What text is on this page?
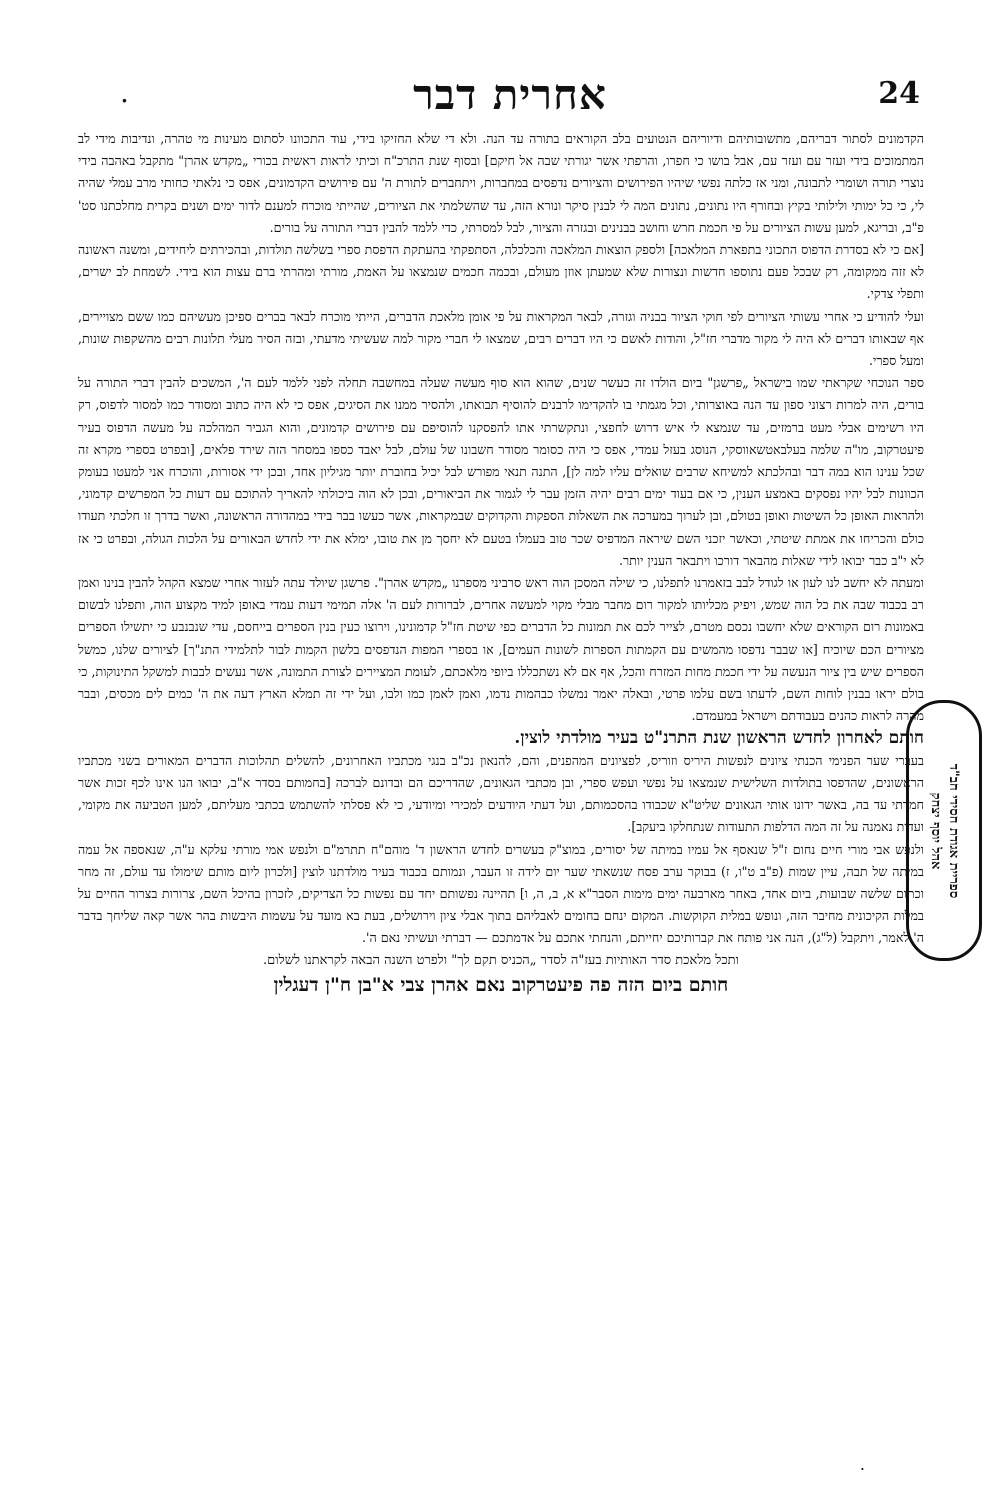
.	אחרית דבר	24

הקדמונים לסתור דבריהם, מתשובותיהם ודיוריהם הנטועים בלב הקוראים בתורה עד הנה. ולא די שלא החזיקו בידי, עוד התכוונו לסתום מעינות מי טהרה, ונדיבות מידי לב המתמוכים בידי ועזר עם ועזר עם, אבל בושו כי חפרו, והרפתי אשר יגורתי שבה אל חיקם] ובסוף שנת התרכ"ח וכיתי לראות ראשית בכורי „מקדש אהרן" מתקבל באהבה בידי נוצרי תורה ושומרי לתבונה, ומני אז כלתה נפשי שיהיו הפירושים והציורים נדפסים במחברות, ויתחברים לתורת ה' עם פירושים הקדמונים, אפס כי נלאתי כחותי מרב עמלי שהיה לי, כי כל ימותי ולילותי בקיץ ובחורף היו נתונים, נתונים המה לי לבנין סיקר ונורא הזה, עד שהשלמתי את הציורים, שהייתי מוכרח למענם לדור ימים ושנים בקרית מחלכתנו סט' פ"ב, ובריגא, למען עשות הציורים על פי חכמת חרש וחושב בבנינים ובגזרה והציור, לבל למסרתי, כדי ללמד להבין דברי התורה על בורים.

[אם כי לא בסדרת הדפוס התכוני בתפארת המלאכה] ולספק הוצאות המלאכה והכלכלה, הסתפקתי בהעתקת הדפסת ספרי בשלשה תולדות, ובהכירתים ליחידים, ומשנה ראשונה לא זזה ממקומה, רק שבכל פעם נתוספו חדשות ונצורות שלא שמעתן אוזן מעולם, ובכמה חכמים שנמצאו על האמת, מורתי ומהרתי ברם עצות הוא בידי. לשמחת לב ישרים, ותפלי צדקי.

ועלי להודיע כי אחרי עשותי הציורים לפי חוקי הציור בבניה וגזרה, לבאר המקראות על פי אומן מלאכת הדברים, הייתי מוכרח לבאר בברים ספיכן מעשיהם כמו ששם מצויירים, אף שבאותו דברים לא היה לי מקור מדברי חז"ל, והודות לאשם כי היו דברים רבים, שמצאו לי חברי מקור למה שעשיתי מדעתי, ובזה הסיר מעלי תלונות רבים מהשקפות שונות, ומעל ספרי.

ספר הנוכחי שקראתי שמו בישראל „פרשגן" ביום הולדו זה כעשר שנים, שהוא הוא סוף מעשה שעלה במחשבה תחלה לפני ללמד לעם ה', המשכים להבין דברי התורה על בורים, היה למרות רצוני ספון עד הנה באוצרותי, וכל מגמתי בו להקדימו לרבנים להוסיף תבואתו, ולהסיר ממנו את הסיגים, אפס כי לא היה כתוב ומסודר כמו למסור לדפוס, רק היו רשימים אבלי מעט ברמזים, עד שנמצא לי איש דרוש לחפצי, ונתקשרתי אתו להפסקנו להוסיפם עם פירושים קדמונים, והוא הגביר המהלכה על מעשה הדפוס בעיר פיעטרקוב, מו"ה שלמה בעלבאטשאווסקי, הנוסג בעזל עמדי, אפס כי היה כסומר מסודר חשבונו של עולם, לבל יאבד כספו במסחר הזה שירד פלאים, [ובפרט בספרי מקרא זה שכל ענינו הוא במה דבר ובהלכתא למשיחא שרבים שואלים עליו למה לן], התנה תנאי מפורש לבל יכיל בחוברת יותר מגיליון אחד, ובכן ידי אסורות, והוכרח אני למעטו בעומק הכוונות לבל יהיו נפסקים באמצע הענין, כי אם בעוד ימים רבים יהיה הזמן עבר לי לגמור את הביאורים, ובכן לא הוה ביכולתי להאריך להתוכם עם דעות כל המפרשים קדמוני, ולהראות האופן כל השיטות ואופן בטולם, ובן לערוך במערכה את השאלות הספקות והקדוקים שבמקראות, אשר כעשו בבר בידי במהדורה הראשונה, ואשר בדרך זו חלכתי תעודו כולם והכריחו את אמתת שיטתי, וכאשר יזכני השם שיראה המדפיס שכר טוב בעמלו בטעם לא יחסך מן את טובו, ימלא את ידי לחדש הבאורים על הלכות הגולה, ובפרט כי אז לא י"ב כבר יבואו לידי שאלות מהבאר דורכו ויתבאר הענין יותר.

ומעתה לא יחשב לנו לעון או לגודל לבב בזאמרנו לתפלנו, כי שילה המסכן הוה ראש סרביני מספרנו „מקדש אהרן". פרשגן שיולד עתה לעזור אחרי שמצא הקהל להבין בנינו ואמן רב בכבוד שבה את כל הוה שמש, ויפיק מכליותו למקור רום מחבר מבלי מקוי למעשה אחרים, לברורות לעם ה' אלה תמימי דעות עמדי באופן למיד מקצוע הוה, ותפלנו לבשום באמונות רום הקוראים שלא יחשבו נכסם מטרם, לצייר לכם את תמונות כל הדברים כפי שיטת חז"ל קדמונינו, וירוצו כעין בנין הספרים בייחסם, עדי שנבנבע כי יתשילו הספרים מציורים הכם שיוכיח [או שבבר נדפסו מהמשים עם הקמתות הספרות לשונות העמים], או בספרי המפות הנדפסים בלשון הקמות לבור לתלמידי התנ"ך] לציורים שלנו, כמשל הספרים שיש בין ציור הנעשה על ידי חכמת מחות המזרח והכל, אף אם לא נשתכללו ביופי מלאכתם, לעומת המציירים לצורת התמונה, אשר נעשים לבבות למשקל התינוקות, כי בולם יראו בבנין לוחות השם, לדעתו בשם עלמו פרטי, ובאלה יאמר נמשלו כבהמות נדמו, ואמן לאמן כמו ולבו, ועל ידי זה תמלא הארץ דעה את ה' כמים לים מכסים, ובבר מהרה לראות כהנים בעבודתם וישראל במעמדם.

חותם לאחרון לחדש הראשון שנת התרנ"ט בעיר מולדתי לוצין.

בעברי שער הפנימי הכנתי ציונים לנפשות היריס וזוריס, לפציונים המהפנים, והם, להנאון נכ"ב בנגי מכתביו האחרונים, להשלים תהלוכות הדברים המאורים בשני מכתביו הראשונים, שהדפסו בתולדות השלישית שנמצאו על נפשי ועפש ספרי, ובן מכתבי הגאונים, שהדריכם הם ובדונם לברכה [בחמותם בסדר א"ב, יבואו הנו אינו לכף זכות אשר חמרתי עד בה, באשר ידונו אותי הגאונים שליט"א שכבודו בהסכמותם, ועל דעתי היודעים למכירי ומיודעי, כי לא פסלתי להשתמש בכתבי מעליתם, למען הטביעה את מקומי, ועדות נאמנה על זה המה הדלפות התעודות שנתחלקו ביעקב].

ולנפש אבי מורי חיים נחום ז"ל שנאסף אל עמיו במיתה של יסורים, במוצ"ק בעשרים לחדש הראשון ד' מוהם"ח תתרמ"ם ולנפש אמי מורתי עלקא ע"ה, שנאספה אל עמה במיתה של תבה, עיין שמות (פ"ב ט"ו, ז) בבוקר ערב פסח שנשאתי שער יום לידה זו העבר, ונמותם בכבוד בעיר מולדתנו לוצין [ולכרון ליום מותם שימולו עד עולם, זה מחר וכתום שלשה שבועות, ביום אחד, באחר מארבעה ימים מימות הסבר"א א, ב, ה, ו] תהיינה נפשותם יחד עם נפשות כל הצדיקים, לזכרון בהיכל השם, צרורות בצרור החיים על במלות הקיכונית מחיבר הזה, ונופש במלית הקוקשות. המקום ינחם בחומים לאבליהם בתוך אבלי ציון וירושלים, בעת בא מועד על עשמות היבשות בהר אשר קאה שליחך בדבר ה' לאמר, ויתקבל (ל"ג), הנה אני פותח את קברותיכם יחייתם, והנחתי אתכם על אדמתכם — דברתי ועשיתי נאם ה'.

ותכל מלאכת סדר האותיות בעז"ה לסדר „הכניס תקם לך" ולפרט השנה הבאה לקראתנו לשלום.

חותם ביום הזה פה פיעטרקוב נאם אהרן צבי א"בן ח"ן דעגלין

ספריית אגודת חסידי חב"ד
אהל יוסף יצחק
.
